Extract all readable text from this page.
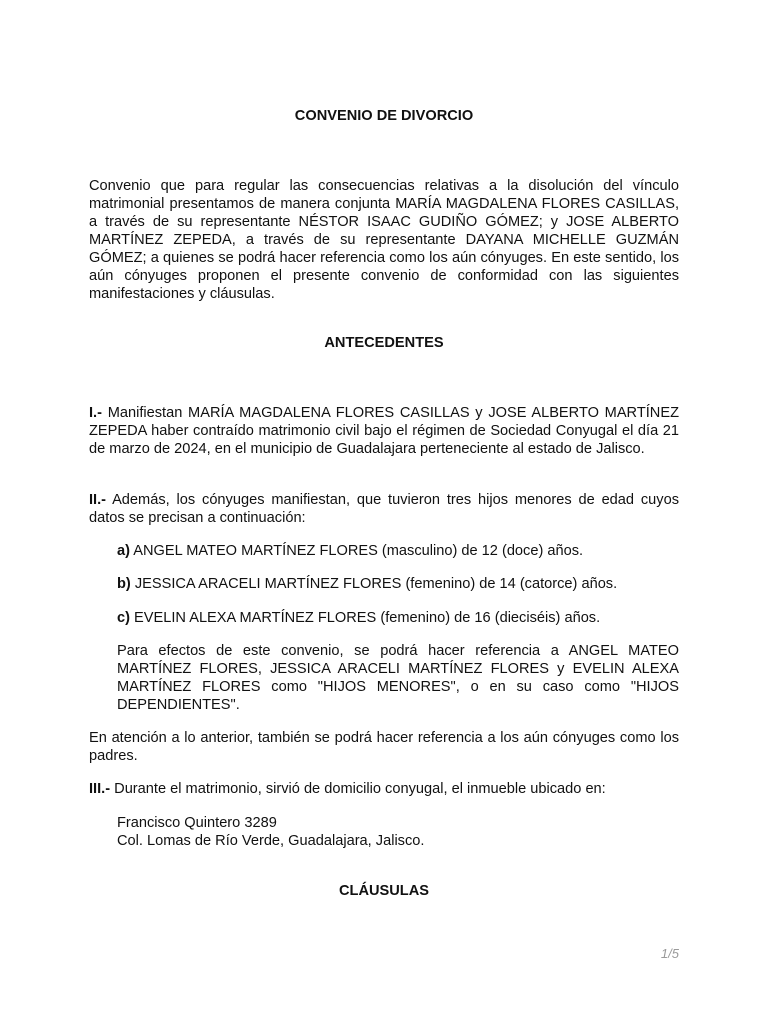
CONVENIO DE DIVORCIO

Convenio que para regular las consecuencias relativas a la disolución del vínculo matrimonial presentamos de manera conjunta MARÍA MAGDALENA FLORES CASILLAS, a través de su representante NÉSTOR ISAAC GUDIÑO GÓMEZ; y JOSE ALBERTO MARTÍNEZ ZEPEDA, a través de su representante DAYANA MICHELLE GUZMÁN GÓMEZ; a quienes se podrá hacer referencia como los aún cónyuges. En este sentido, los aún cónyuges proponen el presente convenio de conformidad con las siguientes manifestaciones y cláusulas.

ANTECEDENTES

I.- Manifiestan MARÍA MAGDALENA FLORES CASILLAS y JOSE ALBERTO MARTÍNEZ ZEPEDA haber contraído matrimonio civil bajo el régimen de Sociedad Conyugal el día 21 de marzo de 2024, en el municipio de Guadalajara perteneciente al estado de Jalisco.

II.- Además, los cónyuges manifiestan, que tuvieron tres hijos menores de edad cuyos datos se precisan a continuación:

a) ANGEL MATEO MARTÍNEZ FLORES (masculino) de 12 (doce) años.

b) JESSICA ARACELI MARTÍNEZ FLORES (femenino) de 14 (catorce) años.

c) EVELIN ALEXA MARTÍNEZ FLORES (femenino) de 16 (dieciséis) años.

Para efectos de este convenio, se podrá hacer referencia a ANGEL MATEO MARTÍNEZ FLORES, JESSICA ARACELI MARTÍNEZ FLORES y EVELIN ALEXA MARTÍNEZ FLORES como "HIJOS MENORES", o en su caso como "HIJOS DEPENDIENTES".

En atención a lo anterior, también se podrá hacer referencia a los aún cónyuges como los padres.

III.- Durante el matrimonio, sirvió de domicilio conyugal, el inmueble ubicado en:

Francisco Quintero 3289
Col. Lomas de Río Verde, Guadalajara, Jalisco.

CLÁUSULAS
1/5
